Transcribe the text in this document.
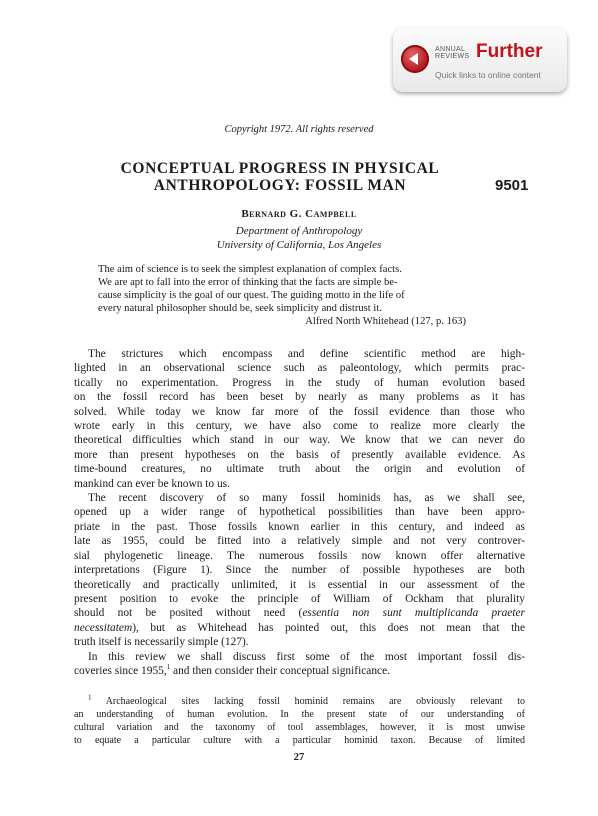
ANNUAL
REVIEWS Further
Quick links to online content
Copyright 1972. All rights reserved
CONCEPTUAL PROGRESS IN PHYSICAL
ANTHROPOLOGY: FOSSIL MAN	9501
Bernard G. Campbell
Department of Anthropology
University of California, Los Angeles
The aim of science is to seek the simplest explanation of complex facts.
We are apt to fall into the error of thinking that the facts are simple be-
cause simplicity is the goal of our quest. The guiding motto in the life of
every natural philosopher should be, seek simplicity and distrust it.
Alfred North Whitehead (127, p. 163)

The strictures which encompass and define scientific method are high-
lighted in an observational science such as paleontology, which permits prac-
tically no experimentation. Progress in the study of human evolution based
on the fossil record has been beset by nearly as many problems as it has
solved. While today we know far more of the fossil evidence than those who
wrote early in this century, we have also come to realize more clearly the
theoretical difficulties which stand in our way. We know that we can never do
more than present hypotheses on the basis of presently available evidence. As
time-bound creatures, no ultimate truth about the origin and evolution of
mankind can ever be known to us.

The recent discovery of so many fossil hominids has, as we shall see,
opened up a wider range of hypothetical possibilities than have been appro-
priate in the past. Those fossils known earlier in this century, and indeed as
late as 1955, could be fitted into a relatively simple and not very controver-
sial phylogenetic lineage. The numerous fossils now known offer alternative
interpretations (Figure 1). Since the number of possible hypotheses are both
theoretically and practically unlimited, it is essential in our assessment of the
present position to evoke the principle of William of Ockham that plurality
should not be posited without need (essentia non sunt multiplicanda praeter
necessitatem), but as Whitehead has pointed out, this does not mean that the
truth itself is necessarily simple (127).

In this review we shall discuss first some of the most important fossil dis-
coveries since 1955,$^1$ and then consider their conceptual significance.

$^1$ Archaeological sites lacking fossil hominid remains are obviously relevant to
an understanding of human evolution. In the present state of our understanding of
cultural variation and the taxonomy of tool assemblages, however, it is most unwise
to equate a particular culture with a particular hominid taxon. Because of limited
27
